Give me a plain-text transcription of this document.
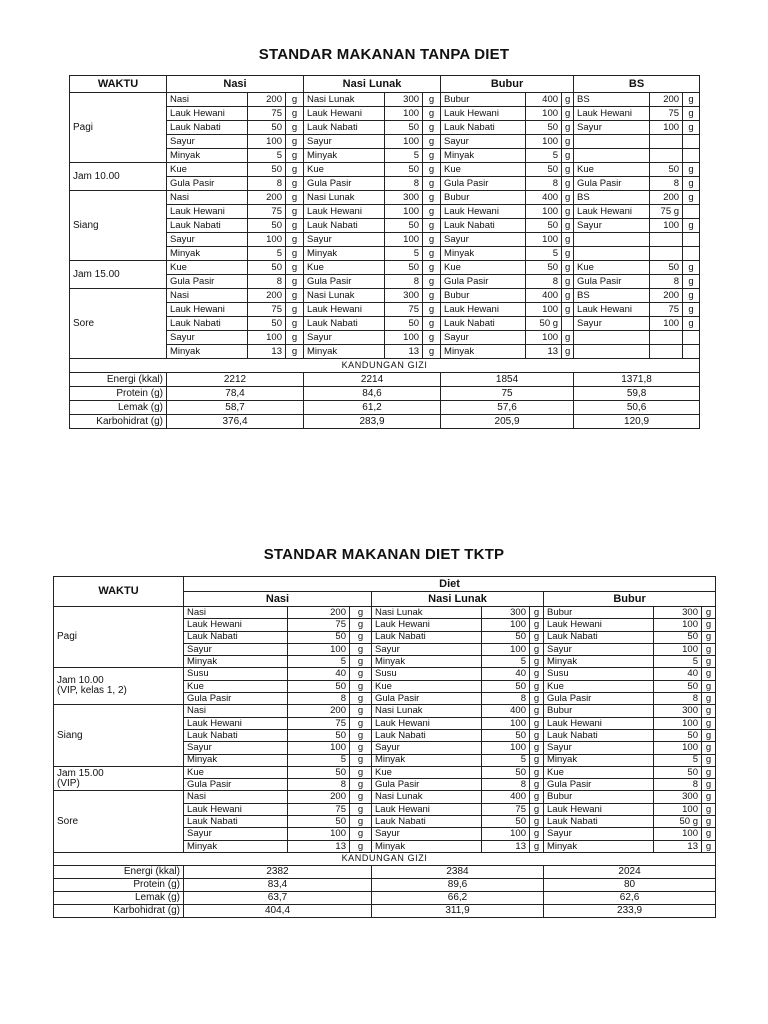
STANDAR MAKANAN TANPA DIET
WAKTU	Nasi			Nasi Lunak			Bubur			BS		
Pagi	Nasi	200	g	Nasi Lunak	300	g	Bubur	400	g	BS	200	g
	Lauk Hewani	75	g	Lauk Hewani	100	g	Lauk Hewani	100	g	Lauk Hewani	75	g
	Lauk Nabati	50	g	Lauk Nabati	50	g	Lauk Nabati	50	g	Sayur	100	g
	Sayur	100	g	Sayur	100	g	Sayur	100	g			
	Minyak	5	g	Minyak	5	g	Minyak	5	g			
Jam 10.00	Kue	50	g	Kue	50	g	Kue	50	g	Kue	50	g
	Gula Pasir	8	g	Gula Pasir	8	g	Gula Pasir	8	g	Gula Pasir	8	g
Siang	Nasi	200	g	Nasi Lunak	300	g	Bubur	400	g	BS	200	g
	Lauk Hewani	75	g	Lauk Hewani	100	g	Lauk Hewani	100	g	Lauk Hewani	75 g	
	Lauk Nabati	50	g	Lauk Nabati	50	g	Lauk Nabati	50	g	Sayur	100	g
	Sayur	100	g	Sayur	100	g	Sayur	100	g			
	Minyak	5	g	Minyak	5	g	Minyak	5	g			
Jam 15.00	Kue	50	g	Kue	50	g	Kue	50	g	Kue	50	g
	Gula Pasir	8	g	Gula Pasir	8	g	Gula Pasir	8	g	Gula Pasir	8	g
Sore	Nasi	200	g	Nasi Lunak	300	g	Bubur	400	g	BS	200	g
	Lauk Hewani	75	g	Lauk Hewani	75	g	Lauk Hewani	100	g	Lauk Hewani	75	g
	Lauk Nabati	50	g	Lauk Nabati	50	g	Lauk Nabati	50 g		Sayur	100	g
	Sayur	100	g	Sayur	100	g	Sayur	100	g			
	Minyak	13	g	Minyak	13	g	Minyak	13	g			
KANDUNGAN GIZI												
Energi (kkal)	2212			2214			1854			1371,8		
Protein (g)	78,4			84,6			75			59,8		
Lemak (g)	58,7			61,2			57,6			50,6		
Karbohidrat (g)	376,4			283,9			205,9			120,9		
STANDAR MAKANAN DIET TKTP
WAKTU	Diet								
	Nasi			Nasi Lunak			Bubur		
Pagi	Nasi	200	g	Nasi Lunak	300	g	Bubur	300	g
	Lauk Hewani	75	g	Lauk Hewani	100	g	Lauk Hewani	100	g
	Lauk Nabati	50	g	Lauk Nabati	50	g	Lauk Nabati	50	g
	Sayur	100	g	Sayur	100	g	Sayur	100	g
	Minyak	5	g	Minyak	5	g	Minyak	5	g
Jam 10.00
(VIP, kelas 1, 2)	Susu	40	g	Susu	40	g	Susu	40	g
	Kue	50	g	Kue	50	g	Kue	50	g
	Gula Pasir	8	g	Gula Pasir	8	g	Gula Pasir	8	g
Siang	Nasi	200	g	Nasi Lunak	400	g	Bubur	300	g
	Lauk Hewani	75	g	Lauk Hewani	100	g	Lauk Hewani	100	g
	Lauk Nabati	50	g	Lauk Nabati	50	g	Lauk Nabati	50	g
	Sayur	100	g	Sayur	100	g	Sayur	100	g
	Minyak	5	g	Minyak	5	g	Minyak	5	g
Jam 15.00
(VIP)	Kue	50	g	Kue	50	g	Kue	50	g
	Gula Pasir	8	g	Gula Pasir	8	g	Gula Pasir	8	g
Sore	Nasi	200	g	Nasi Lunak	400	g	Bubur	300	g
	Lauk Hewani	75	g	Lauk Hewani	75	g	Lauk Hewani	100	g
	Lauk Nabati	50	g	Lauk Nabati	50	g	Lauk Nabati	50 g	g
	Sayur	100	g	Sayur	100	g	Sayur	100	g
	Minyak	13	g	Minyak	13	g	Minyak	13	g
KANDUNGAN GIZI									
Energi (kkal)	2382			2384			2024		
Protein (g)	83,4			89,6			80		
Lemak (g)	63,7			66,2			62,6		
Karbohidrat (g)	404,4			311,9			233,9		
